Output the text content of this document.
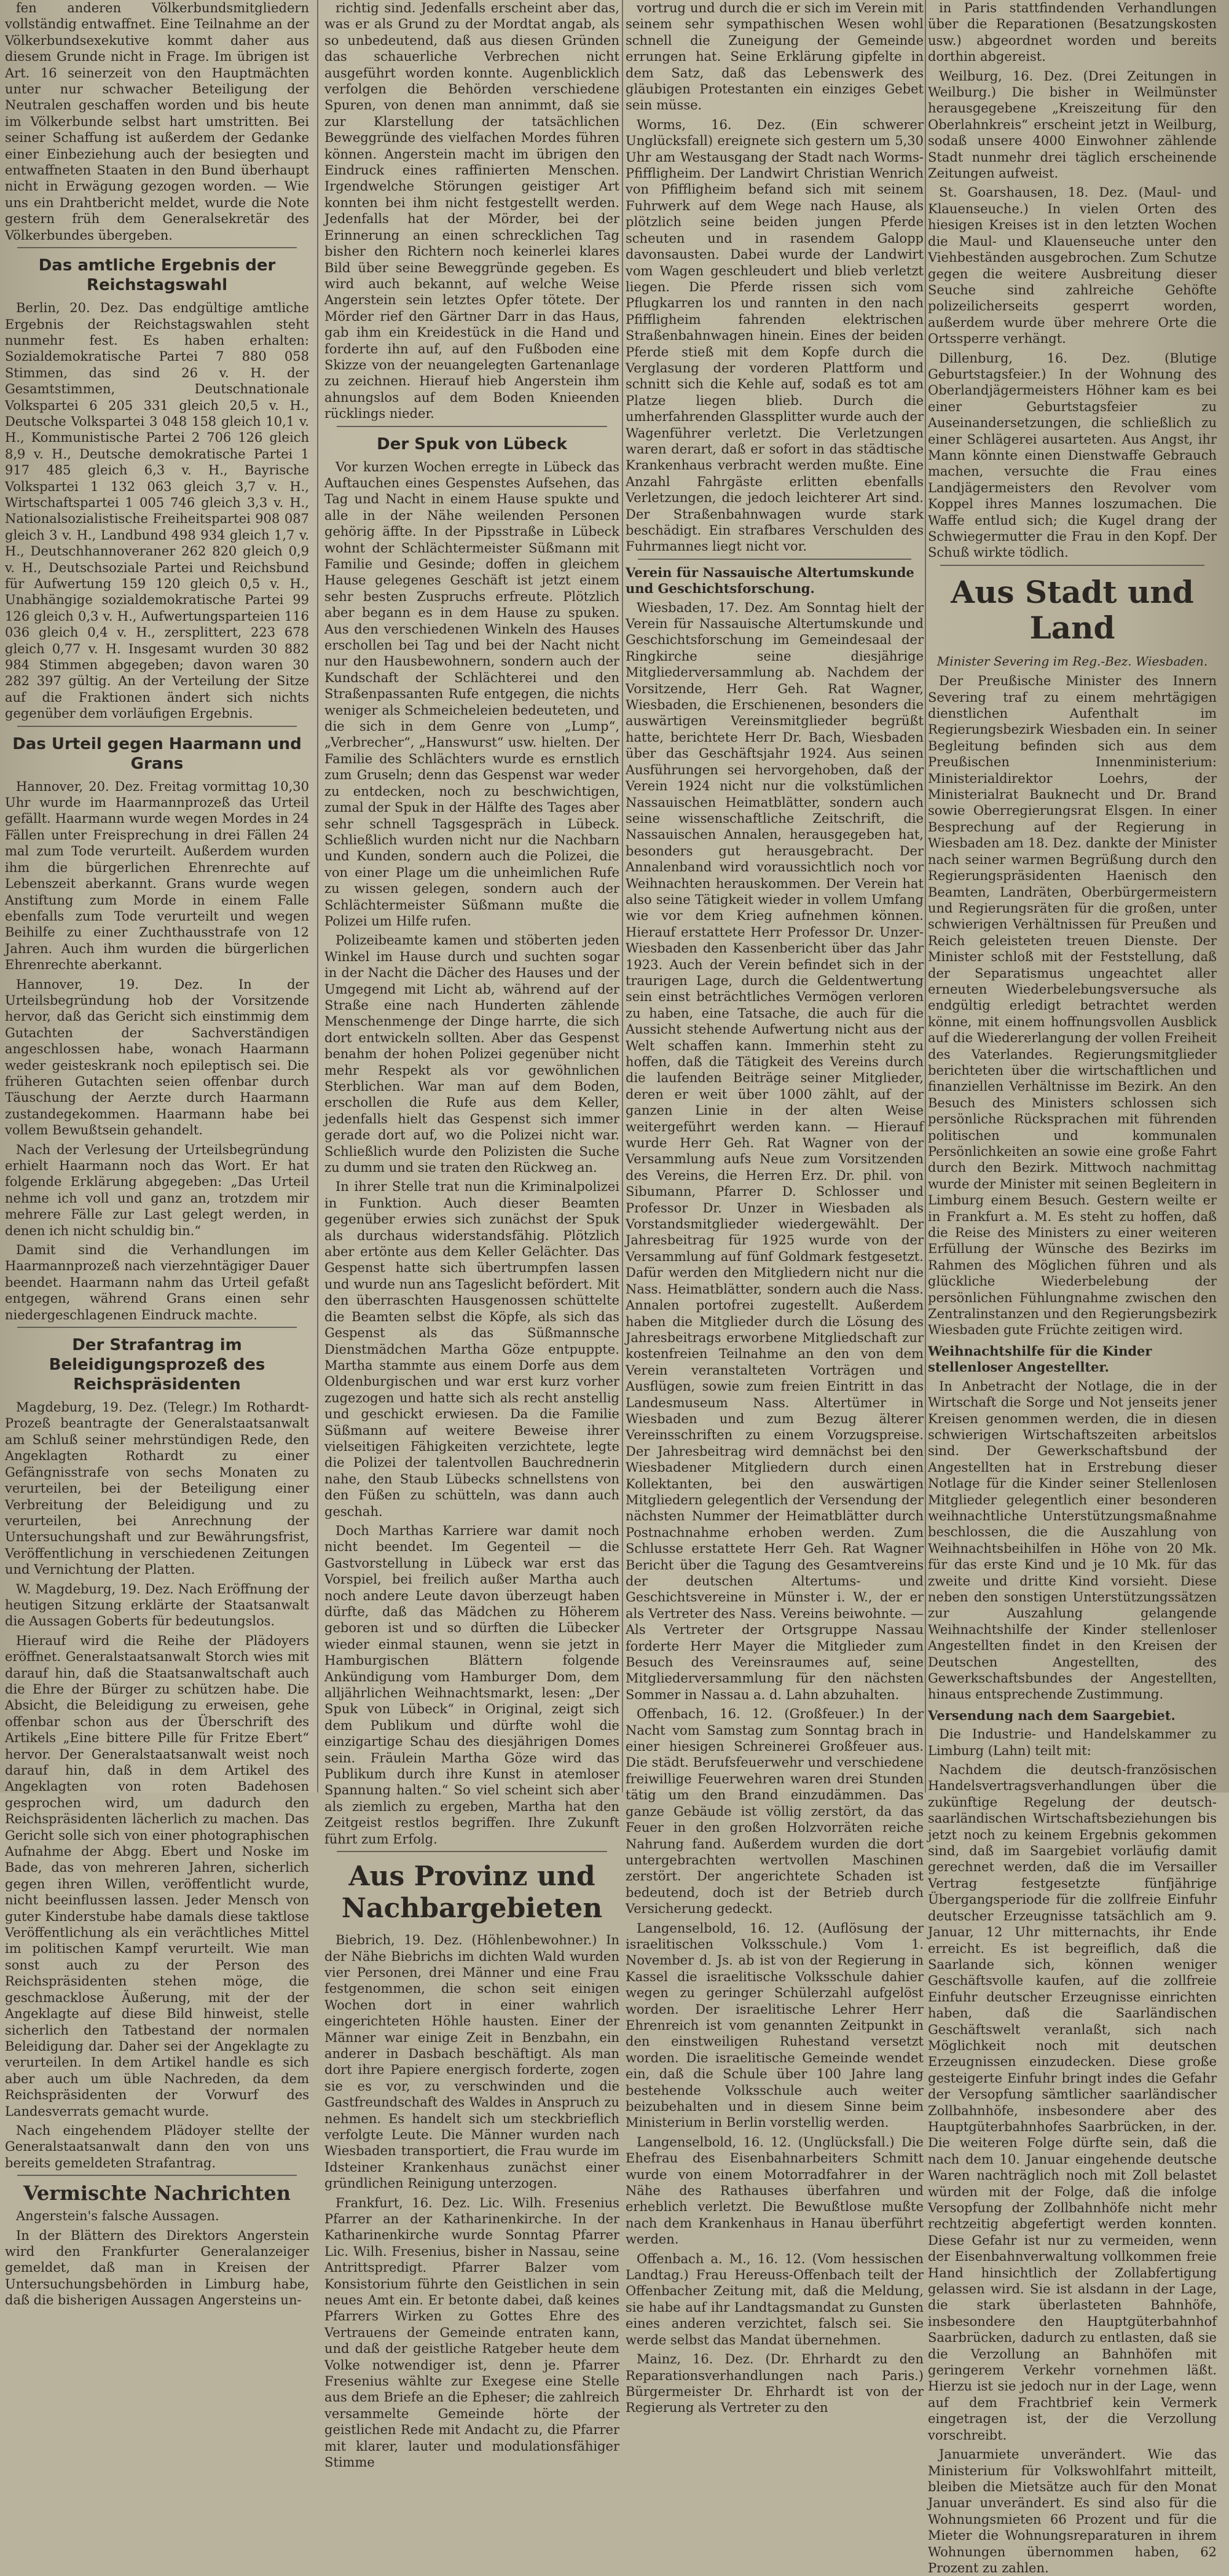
fen anderen Völkerbundsmitgliedern vollständig entwaffnet. Eine Teilnahme an der Völkerbundsexekutive kommt daher aus diesem Grunde nicht in Frage. Im übrigen ist Art. 16 seinerzeit von den Hauptmächten unter nur schwacher Beteiligung der Neutralen geschaffen worden und bis heute im Völkerbunde selbst hart umstritten. Bei seiner Schaffung ist außerdem der Gedanke einer Einbeziehung auch der besiegten und entwaffneten Staaten in den Bund überhaupt nicht in Erwägung gezogen worden. — Wie uns ein Drahtbericht meldet, wurde die Note gestern früh dem Generalsekretär des Völkerbundes übergeben.

Das amtliche Ergebnis der Reichstagswahl

Berlin, 20. Dez. Das endgültige amtliche Ergebnis der Reichstagswahlen steht nunmehr fest. Es haben erhalten: Sozialdemokratische Partei 7 880 058 Stimmen, das sind 26 v. H. der Gesamtstimmen, Deutschnationale Volkspartei 6 205 331 gleich 20,5 v. H., Deutsche Volkspartei 3 048 158 gleich 10,1 v. H., Kommunistische Partei 2 706 126 gleich 8,9 v. H., Deutsche demokratische Partei 1 917 485 gleich 6,3 v. H., Bayrische Volkspartei 1 132 063 gleich 3,7 v. H., Wirtschaftspartei 1 005 746 gleich 3,3 v. H., Nationalsozialistische Freiheitspartei 908 087 gleich 3 v. H., Landbund 498 934 gleich 1,7 v. H., Deutschhannoveraner 262 820 gleich 0,9 v. H., Deutschsoziale Partei und Reichsbund für Aufwertung 159 120 gleich 0,5 v. H., Unabhängige sozialdemokratische Partei 99 126 gleich 0,3 v. H., Aufwertungsparteien 116 036 gleich 0,4 v. H., zersplittert, 223 678 gleich 0,77 v. H. Insgesamt wurden 30 882 984 Stimmen abgegeben; davon waren 30 282 397 gültig. An der Verteilung der Sitze auf die Fraktionen ändert sich nichts gegenüber dem vorläufigen Ergebnis.

Das Urteil gegen Haarmann und Grans

Hannover, 20. Dez. Freitag vormittag 10,30 Uhr wurde im Haarmannprozeß das Urteil gefällt. Haarmann wurde wegen Mordes in 24 Fällen unter Freisprechung in drei Fällen 24 mal zum Tode verurteilt. Außerdem wurden ihm die bürgerlichen Ehrenrechte auf Lebenszeit aberkannt. Grans wurde wegen Anstiftung zum Morde in einem Falle ebenfalls zum Tode verurteilt und wegen Beihilfe zu einer Zuchthausstrafe von 12 Jahren. Auch ihm wurden die bürgerlichen Ehrenrechte aberkannt.

Hannover, 19. Dez. In der Urteilsbegründung hob der Vorsitzende hervor, daß das Gericht sich einstimmig dem Gutachten der Sachverständigen angeschlossen habe, wonach Haarmann weder geisteskrank noch epileptisch sei. Die früheren Gutachten seien offenbar durch Täuschung der Aerzte durch Haarmann zustandegekommen. Haarmann habe bei vollem Bewußtsein gehandelt.

Nach der Verlesung der Urteilsbegründung erhielt Haarmann noch das Wort. Er hat folgende Erklärung abgegeben: „Das Urteil nehme ich voll und ganz an, trotzdem mir mehrere Fälle zur Last gelegt werden, in denen ich nicht schuldig bin.“

Damit sind die Verhandlungen im Haarmannprozeß nach vierzehntägiger Dauer beendet. Haarmann nahm das Urteil gefaßt entgegen, während Grans einen sehr niedergeschlagenen Eindruck machte.

Der Strafantrag im Beleidigungsprozeß des Reichspräsidenten

Magdeburg, 19. Dez. (Telegr.) Im Rothardt-Prozeß beantragte der Generalstaatsanwalt am Schluß seiner mehrstündigen Rede, den Angeklagten Rothardt zu einer Gefängnisstrafe von sechs Monaten zu verurteilen, bei der Beteiligung einer Verbreitung der Beleidigung und zu verurteilen, bei Anrechnung der Untersuchungshaft und zur Bewährungsfrist, Veröffentlichung in verschiedenen Zeitungen und Vernichtung der Platten.

W. Magdeburg, 19. Dez. Nach Eröffnung der heutigen Sitzung erklärte der Staatsanwalt die Aussagen Goberts für bedeutungslos.

Hierauf wird die Reihe der Plädoyers eröffnet. Generalstaatsanwalt Storch wies mit darauf hin, daß die Staatsanwaltschaft auch die Ehre der Bürger zu schützen habe. Die Absicht, die Beleidigung zu erweisen, gehe offenbar schon aus der Überschrift des Artikels „Eine bittere Pille für Fritze Ebert“ hervor. Der Generalstaatsanwalt weist noch darauf hin, daß in dem Artikel des Angeklagten von roten Badehosen gesprochen wird, um dadurch den Reichspräsidenten lächerlich zu machen. Das Gericht solle sich von einer photographischen Aufnahme der Abgg. Ebert und Noske im Bade, das von mehreren Jahren, sicherlich gegen ihren Willen, veröffentlicht wurde, nicht beeinflussen lassen. Jeder Mensch von guter Kinderstube habe damals diese taktlose Veröffentlichung als ein verächtliches Mittel im politischen Kampf verurteilt. Wie man sonst auch zu der Person des Reichspräsidenten stehen möge, die geschmacklose Äußerung, mit der der Angeklagte auf diese Bild hinweist, stelle sicherlich den Tatbestand der normalen Beleidigung dar. Daher sei der Angeklagte zu verurteilen. In dem Artikel handle es sich aber auch um üble Nachreden, da dem Reichspräsidenten der Vorwurf des Landesverrats gemacht wurde.

Nach eingehendem Plädoyer stellte der Generalstaatsanwalt dann den von uns bereits gemeldeten Strafantrag.

Vermischte Nachrichten

Angerstein's falsche Aussagen.

In der Blättern des Direktors Angerstein wird den Frankfurter Generalanzeiger gemeldet, daß man in Kreisen der Untersuchungsbehörden in Limburg habe, daß die bisherigen Aussagen Angersteins un-

richtig sind. Jedenfalls erscheint aber das, was er als Grund zu der Mordtat angab, als so unbedeutend, daß aus diesen Gründen das schauerliche Verbrechen nicht ausgeführt worden konnte. Augenblicklich verfolgen die Behörden verschiedene Spuren, von denen man annimmt, daß sie zur Klarstellung der tatsächlichen Beweggründe des vielfachen Mordes führen können. Angerstein macht im übrigen den Eindruck eines raffinierten Menschen. Irgendwelche Störungen geistiger Art konnten bei ihm nicht festgestellt werden. Jedenfalls hat der Mörder, bei der Erinnerung an einen schrecklichen Tag bisher den Richtern noch keinerlei klares Bild über seine Beweggründe gegeben. Es wird auch bekannt, auf welche Weise Angerstein sein letztes Opfer tötete. Der Mörder rief den Gärtner Darr in das Haus, gab ihm ein Kreidestück in die Hand und forderte ihn auf, auf den Fußboden eine Skizze von der neuangelegten Gartenanlage zu zeichnen. Hierauf hieb Angerstein ihm ahnungslos auf dem Boden Knieenden rücklings nieder.

Der Spuk von Lübeck

Vor kurzen Wochen erregte in Lübeck das Auftauchen eines Gespenstes Aufsehen, das Tag und Nacht in einem Hause spukte und alle in der Nähe weilenden Personen gehörig äffte. In der Pipsstraße in Lübeck wohnt der Schlächtermeister Süßmann mit Familie und Gesinde; doffen in gleichem Hause gelegenes Geschäft ist jetzt einem sehr besten Zuspruchs erfreute. Plötzlich aber begann es in dem Hause zu spuken. Aus den verschiedenen Winkeln des Hauses erschollen bei Tag und bei der Nacht nicht nur den Hausbewohnern, sondern auch der Kundschaft der Schlächterei und den Straßenpassanten Rufe entgegen, die nichts weniger als Schmeicheleien bedeuteten, und die sich in dem Genre von „Lump“, „Verbrecher“, „Hanswurst“ usw. hielten. Der Familie des Schlächters wurde es ernstlich zum Gruseln; denn das Gespenst war weder zu entdecken, noch zu beschwichtigen, zumal der Spuk in der Hälfte des Tages aber sehr schnell Tagsgespräch in Lübeck. Schließlich wurden nicht nur die Nachbarn und Kunden, sondern auch die Polizei, die von einer Plage um die unheimlichen Rufe zu wissen gelegen, sondern auch der Schlächtermeister Süßmann mußte die Polizei um Hilfe rufen.

Polizeibeamte kamen und stöberten jeden Winkel im Hause durch und suchten sogar in der Nacht die Dächer des Hauses und der Umgegend mit Licht ab, während auf der Straße eine nach Hunderten zählende Menschenmenge der Dinge harrte, die sich dort entwickeln sollten. Aber das Gespenst benahm der hohen Polizei gegenüber nicht mehr Respekt als vor gewöhnlichen Sterblichen. War man auf dem Boden, erschollen die Rufe aus dem Keller, jedenfalls hielt das Gespenst sich immer gerade dort auf, wo die Polizei nicht war. Schließlich wurde den Polizisten die Suche zu dumm und sie traten den Rückweg an.

In ihrer Stelle trat nun die Kriminalpolizei in Funktion. Auch dieser Beamten gegenüber erwies sich zunächst der Spuk als durchaus widerstandsfähig. Plötzlich aber ertönte aus dem Keller Gelächter. Das Gespenst hatte sich übertrumpfen lassen und wurde nun ans Tageslicht befördert. Mit den überraschten Hausgenossen schüttelte die Beamten selbst die Köpfe, als sich das Gespenst als das Süßmannsche Dienstmädchen Martha Göze entpuppte. Martha stammte aus einem Dorfe aus dem Oldenburgischen und war erst kurz vorher zugezogen und hatte sich als recht anstellig und geschickt erwiesen. Da die Familie Süßmann auf weitere Beweise ihrer vielseitigen Fähigkeiten verzichtete, legte die Polizei der talentvollen Bauchrednerin nahe, den Staub Lübecks schnellstens von den Füßen zu schütteln, was dann auch geschah.

Doch Marthas Karriere war damit noch nicht beendet. Im Gegenteil — die Gastvorstellung in Lübeck war erst das Vorspiel, bei freilich außer Martha auch noch andere Leute davon überzeugt haben dürfte, daß das Mädchen zu Höherem geboren ist und so dürften die Lübecker wieder einmal staunen, wenn sie jetzt in Hamburgischen Blättern folgende Ankündigung vom Hamburger Dom, dem alljährlichen Weihnachtsmarkt, lesen: „Der Spuk von Lübeck“ in Original, zeigt sich dem Publikum und dürfte wohl die einzigartige Schau des diesjährigen Domes sein. Fräulein Martha Göze wird das Publikum durch ihre Kunst in atemloser Spannung halten.“ So viel scheint sich aber als ziemlich zu ergeben, Martha hat den Zeitgeist restlos begriffen. Ihre Zukunft führt zum Erfolg.

Aus Provinz und Nachbargebieten

Biebrich, 19. Dez. (Höhlenbewohner.) In der Nähe Biebrichs im dichten Wald wurden vier Personen, drei Männer und eine Frau festgenommen, die schon seit einigen Wochen dort in einer wahrlich eingerichteten Höhle hausten. Einer der Männer war einige Zeit in Benzbahn, ein anderer in Dasbach beschäftigt. Als man dort ihre Papiere energisch forderte, zogen sie es vor, zu verschwinden und die Gastfreundschaft des Waldes in Anspruch zu nehmen. Es handelt sich um steckbrieflich verfolgte Leute. Die Männer wurden nach Wiesbaden transportiert, die Frau wurde im Idsteiner Krankenhaus zunächst einer gründlichen Reinigung unterzogen.

Frankfurt, 16. Dez. Lic. Wilh. Fresenius Pfarrer an der Katharinenkirche. In der Katharinenkirche wurde Sonntag Pfarrer Lic. Wilh. Fresenius, bisher in Nassau, seine Antrittspredigt. Pfarrer Balzer vom Konsistorium führte den Geistlichen in sein neues Amt ein. Er betonte dabei, daß keines Pfarrers Wirken zu Gottes Ehre des Vertrauens der Gemeinde entraten kann, und daß der geistliche Ratgeber heute dem Volke notwendiger ist, denn je. Pfarrer Fresenius wählte zur Exegese eine Stelle aus dem Briefe an die Epheser; die zahlreich versammelte Gemeinde hörte der geistlichen Rede mit Andacht zu, die Pfarrer mit klarer, lauter und modulationsfähiger Stimme

vortrug und durch die er sich im Verein mit seinem sehr sympathischen Wesen wohl schnell die Zuneigung der Gemeinde errungen hat. Seine Erklärung gipfelte in dem Satz, daß das Lebenswerk des gläubigen Protestanten ein einziges Gebet sein müsse.

Worms, 16. Dez. (Ein schwerer Unglücksfall) ereignete sich gestern um 5,30 Uhr am Westausgang der Stadt nach Worms-Pfiffligheim. Der Landwirt Christian Wenrich von Pfiffligheim befand sich mit seinem Fuhrwerk auf dem Wege nach Hause, als plötzlich seine beiden jungen Pferde scheuten und in rasendem Galopp davonsausten. Dabei wurde der Landwirt vom Wagen geschleudert und blieb verletzt liegen. Die Pferde rissen sich vom Pflugkarren los und rannten in den nach Pfiffligheim fahrenden elektrischen Straßenbahnwagen hinein. Eines der beiden Pferde stieß mit dem Kopfe durch die Verglasung der vorderen Plattform und schnitt sich die Kehle auf, sodaß es tot am Platze liegen blieb. Durch die umherfahrenden Glassplitter wurde auch der Wagenführer verletzt. Die Verletzungen waren derart, daß er sofort in das städtische Krankenhaus verbracht werden mußte. Eine Anzahl Fahrgäste erlitten ebenfalls Verletzungen, die jedoch leichterer Art sind. Der Straßenbahnwagen wurde stark beschädigt. Ein strafbares Verschulden des Fuhrmannes liegt nicht vor.

Verein für Nassauische Altertumskunde und Geschichtsforschung.

Wiesbaden, 17. Dez. Am Sonntag hielt der Verein für Nassauische Altertumskunde und Geschichtsforschung im Gemeindesaal der Ringkirche seine diesjährige Mitgliederversammlung ab. Nachdem der Vorsitzende, Herr Geh. Rat Wagner, Wiesbaden, die Erschienenen, besonders die auswärtigen Vereinsmitglieder begrüßt hatte, berichtete Herr Dr. Bach, Wiesbaden über das Geschäftsjahr 1924. Aus seinen Ausführungen sei hervorgehoben, daß der Verein 1924 nicht nur die volkstümlichen Nassauischen Heimatblätter, sondern auch seine wissenschaftliche Zeitschrift, die Nassauischen Annalen, herausgegeben hat, besonders gut herausgebracht. Der Annalenband wird voraussichtlich noch vor Weihnachten herauskommen. Der Verein hat also seine Tätigkeit wieder in vollem Umfang wie vor dem Krieg aufnehmen können. Hierauf erstattete Herr Professor Dr. Unzer-Wiesbaden den Kassenbericht über das Jahr 1923. Auch der Verein befindet sich in der traurigen Lage, durch die Geldentwertung sein einst beträchtliches Vermögen verloren zu haben, eine Tatsache, die auch für die Aussicht stehende Aufwertung nicht aus der Welt schaffen kann. Immerhin steht zu hoffen, daß die Tätigkeit des Vereins durch die laufenden Beiträge seiner Mitglieder, deren er weit über 1000 zählt, auf der ganzen Linie in der alten Weise weitergeführt werden kann. — Hierauf wurde Herr Geh. Rat Wagner von der Versammlung aufs Neue zum Vorsitzenden des Vereins, die Herren Erz. Dr. phil. von Sibumann, Pfarrer D. Schlosser und Professor Dr. Unzer in Wiesbaden als Vorstandsmitglieder wiedergewählt. Der Jahresbeitrag für 1925 wurde von der Versammlung auf fünf Goldmark festgesetzt. Dafür werden den Mitgliedern nicht nur die Nass. Heimatblätter, sondern auch die Nass. Annalen portofrei zugestellt. Außerdem haben die Mitglieder durch die Lösung des Jahresbeitrags erworbene Mitgliedschaft zur kostenfreien Teilnahme an den von dem Verein veranstalteten Vorträgen und Ausflügen, sowie zum freien Eintritt in das Landesmuseum Nass. Altertümer in Wiesbaden und zum Bezug älterer Vereinsschriften zu einem Vorzugspreise. Der Jahresbeitrag wird demnächst bei den Wiesbadener Mitgliedern durch einen Kollektanten, bei den auswärtigen Mitgliedern gelegentlich der Versendung der nächsten Nummer der Heimatblätter durch Postnachnahme erhoben werden. Zum Schlusse erstattete Herr Geh. Rat Wagner Bericht über die Tagung des Gesamtvereins der deutschen Altertums- und Geschichtsvereine in Münster i. W., der er als Vertreter des Nass. Vereins beiwohnte. — Als Vertreter der Ortsgruppe Nassau forderte Herr Mayer die Mitglieder zum Besuch des Vereinsraumes auf, seine Mitgliederversammlung für den nächsten Sommer in Nassau a. d. Lahn abzuhalten.

Offenbach, 16. 12. (Großfeuer.) In der Nacht vom Samstag zum Sonntag brach in einer hiesigen Schreinerei Großfeuer aus. Die städt. Berufsfeuerwehr und verschiedene freiwillige Feuerwehren waren drei Stunden tätig um den Brand einzudämmen. Das ganze Gebäude ist völlig zerstört, da das Feuer in den großen Holzvorräten reiche Nahrung fand. Außerdem wurden die dort untergebrachten wertvollen Maschinen zerstört. Der angerichtete Schaden ist bedeutend, doch ist der Betrieb durch Versicherung gedeckt.

Langenselbold, 16. 12. (Auflösung der israelitischen Volksschule.) Vom 1. November d. Js. ab ist von der Regierung in Kassel die israelitische Volksschule dahier wegen zu geringer Schülerzahl aufgelöst worden. Der israelitische Lehrer Herr Ehrenreich ist vom genannten Zeitpunkt in den einstweiligen Ruhestand versetzt worden. Die israelitische Gemeinde wendet ein, daß die Schule über 100 Jahre lang bestehende Volksschule auch weiter beizubehalten und in diesem Sinne beim Ministerium in Berlin vorstellig werden.

Langenselbold, 16. 12. (Unglücksfall.) Die Ehefrau des Eisenbahnarbeiters Schmitt wurde von einem Motorradfahrer in der Nähe des Rathauses überfahren und erheblich verletzt. Die Bewußtlose mußte nach dem Krankenhaus in Hanau überführt werden.

Offenbach a. M., 16. 12. (Vom hessischen Landtag.) Frau Hereuss-Offenbach teilt der Offenbacher Zeitung mit, daß die Meldung, sie habe auf ihr Landtagsmandat zu Gunsten eines anderen verzichtet, falsch sei. Sie werde selbst das Mandat übernehmen.

Mainz, 16. Dez. (Dr. Ehrhardt zu den Reparationsverhandlungen nach Paris.) Bürgermeister Dr. Ehrhardt ist von der Regierung als Vertreter zu den

in Paris stattfindenden Verhandlungen über die Reparationen (Besatzungskosten usw.) abgeordnet worden und bereits dorthin abgereist.

Weilburg, 16. Dez. (Drei Zeitungen in Weilburg.) Die bisher in Weilmünster herausgegebene „Kreiszeitung für den Oberlahnkreis“ erscheint jetzt in Weilburg, sodaß unsere 4000 Einwohner zählende Stadt nunmehr drei täglich erscheinende Zeitungen aufweist.

St. Goarshausen, 18. Dez. (Maul- und Klauenseuche.) In vielen Orten des hiesigen Kreises ist in den letzten Wochen die Maul- und Klauenseuche unter den Viehbeständen ausgebrochen. Zum Schutze gegen die weitere Ausbreitung dieser Seuche sind zahlreiche Gehöfte polizeilicherseits gesperrt worden, außerdem wurde über mehrere Orte die Ortssperre verhängt.

Dillenburg, 16. Dez. (Blutige Geburtstagsfeier.) In der Wohnung des Oberlandjägermeisters Höhner kam es bei einer Geburtstagsfeier zu Auseinandersetzungen, die schließlich zu einer Schlägerei ausarteten. Aus Angst, ihr Mann könnte einen Dienstwaffe Gebrauch machen, versuchte die Frau eines Landjägermeisters den Revolver vom Koppel ihres Mannes loszumachen. Die Waffe entlud sich; die Kugel drang der Schwiegermutter die Frau in den Kopf. Der Schuß wirkte tödlich.

Aus Stadt und Land
Minister Severing im Reg.-Bez. Wiesbaden.

Der Preußische Minister des Innern Severing traf zu einem mehrtägigen dienstlichen Aufenthalt im Regierungsbezirk Wiesbaden ein. In seiner Begleitung befinden sich aus dem Preußischen Innenministerium: Ministerialdirektor Loehrs, der Ministerialrat Bauknecht und Dr. Brand sowie Oberregierungsrat Elsgen. In einer Besprechung auf der Regierung in Wiesbaden am 18. Dez. dankte der Minister nach seiner warmen Begrüßung durch den Regierungspräsidenten Haenisch den Beamten, Landräten, Oberbürgermeistern und Regierungsräten für die großen, unter schwierigen Verhältnissen für Preußen und Reich geleisteten treuen Dienste. Der Minister schloß mit der Feststellung, daß der Separatismus ungeachtet aller erneuten Wiederbelebungsversuche als endgültig erledigt betrachtet werden könne, mit einem hoffnungsvollen Ausblick auf die Wiedererlangung der vollen Freiheit des Vaterlandes. Regierungsmitglieder berichteten über die wirtschaftlichen und finanziellen Verhältnisse im Bezirk. An den Besuch des Ministers schlossen sich persönliche Rücksprachen mit führenden politischen und kommunalen Persönlichkeiten an sowie eine große Fahrt durch den Bezirk. Mittwoch nachmittag wurde der Minister mit seinen Begleitern in Limburg einem Besuch. Gestern weilte er in Frankfurt a. M. Es steht zu hoffen, daß die Reise des Ministers zu einer weiteren Erfüllung der Wünsche des Bezirks im Rahmen des Möglichen führen und als glückliche Wiederbelebung der persönlichen Fühlungnahme zwischen den Zentralinstanzen und den Regierungsbezirk Wiesbaden gute Früchte zeitigen wird.

Weihnachtshilfe für die Kinder stellenloser Angestellter.

In Anbetracht der Notlage, die in der Wirtschaft die Sorge und Not jenseits jener Kreisen genommen werden, die in diesen schwierigen Wirtschaftszeiten arbeitslos sind. Der Gewerkschaftsbund der Angestellten hat in Erstrebung dieser Notlage für die Kinder seiner Stellenlosen Mitglieder gelegentlich einer besonderen weihnachtliche Unterstützungsmaßnahme beschlossen, die die Auszahlung von Weihnachtsbeihilfen in Höhe von 20 Mk. für das erste Kind und je 10 Mk. für das zweite und dritte Kind vorsieht. Diese neben den sonstigen Unterstützungssätzen zur Auszahlung gelangende Weihnachtshilfe der Kinder stellenloser Angestellten findet in den Kreisen der Deutschen Angestellten, des Gewerkschaftsbundes der Angestellten, hinaus entsprechende Zustimmung.

Versendung nach dem Saargebiet.

Die Industrie- und Handelskammer zu Limburg (Lahn) teilt mit:

Nachdem die deutsch-französischen Handelsvertragsverhandlungen über die zukünftige Regelung der deutsch-saarländischen Wirtschaftsbeziehungen bis jetzt noch zu keinem Ergebnis gekommen sind, daß im Saargebiet vorläufig damit gerechnet werden, daß die im Versailler Vertrag festgesetzte fünfjährige Übergangsperiode für die zollfreie Einfuhr deutscher Erzeugnisse tatsächlich am 9. Januar, 12 Uhr mitternachts, ihr Ende erreicht. Es ist begreiflich, daß die Saarlande sich, können weniger Geschäftsvolle kaufen, auf die zollfreie Einfuhr deutscher Erzeugnisse einrichten haben, daß die Saarländischen Geschäftswelt veranlaßt, sich nach Möglichkeit noch mit deutschen Erzeugnissen einzudecken. Diese große gesteigerte Einfuhr bringt indes die Gefahr der Versopfung sämtlicher saarländischer Zollbahnhöfe, insbesondere aber des Hauptgüterbahnhofes Saarbrücken, in der. Die weiteren Folge dürfte sein, daß die nach dem 10. Januar eingehende deutsche Waren nachträglich noch mit Zoll belastet würden mit der Folge, daß die infolge Versopfung der Zollbahnhöfe nicht mehr rechtzeitig abgefertigt werden konnten. Diese Gefahr ist nur zu vermeiden, wenn der Eisenbahnverwaltung vollkommen freie Hand hinsichtlich der Zollabfertigung gelassen wird. Sie ist alsdann in der Lage, die stark überlasteten Bahnhöfe, insbesondere den Hauptgüterbahnhof Saarbrücken, dadurch zu entlasten, daß sie die Verzollung an Bahnhöfen mit geringerem Verkehr vornehmen läßt. Hierzu ist sie jedoch nur in der Lage, wenn auf dem Frachtbrief kein Vermerk eingetragen ist, der die Verzollung vorschreibt.

Januarmiete unverändert. Wie das Ministerium für Volkswohlfahrt mitteilt, bleiben die Mietsätze auch für den Monat Januar unverändert. Es sind also für die Wohnungsmieten 66 Prozent und für die Mieter die Wohnungsreparaturen in ihrem Wohnungen übernommen haben, 62 Prozent zu zahlen.
